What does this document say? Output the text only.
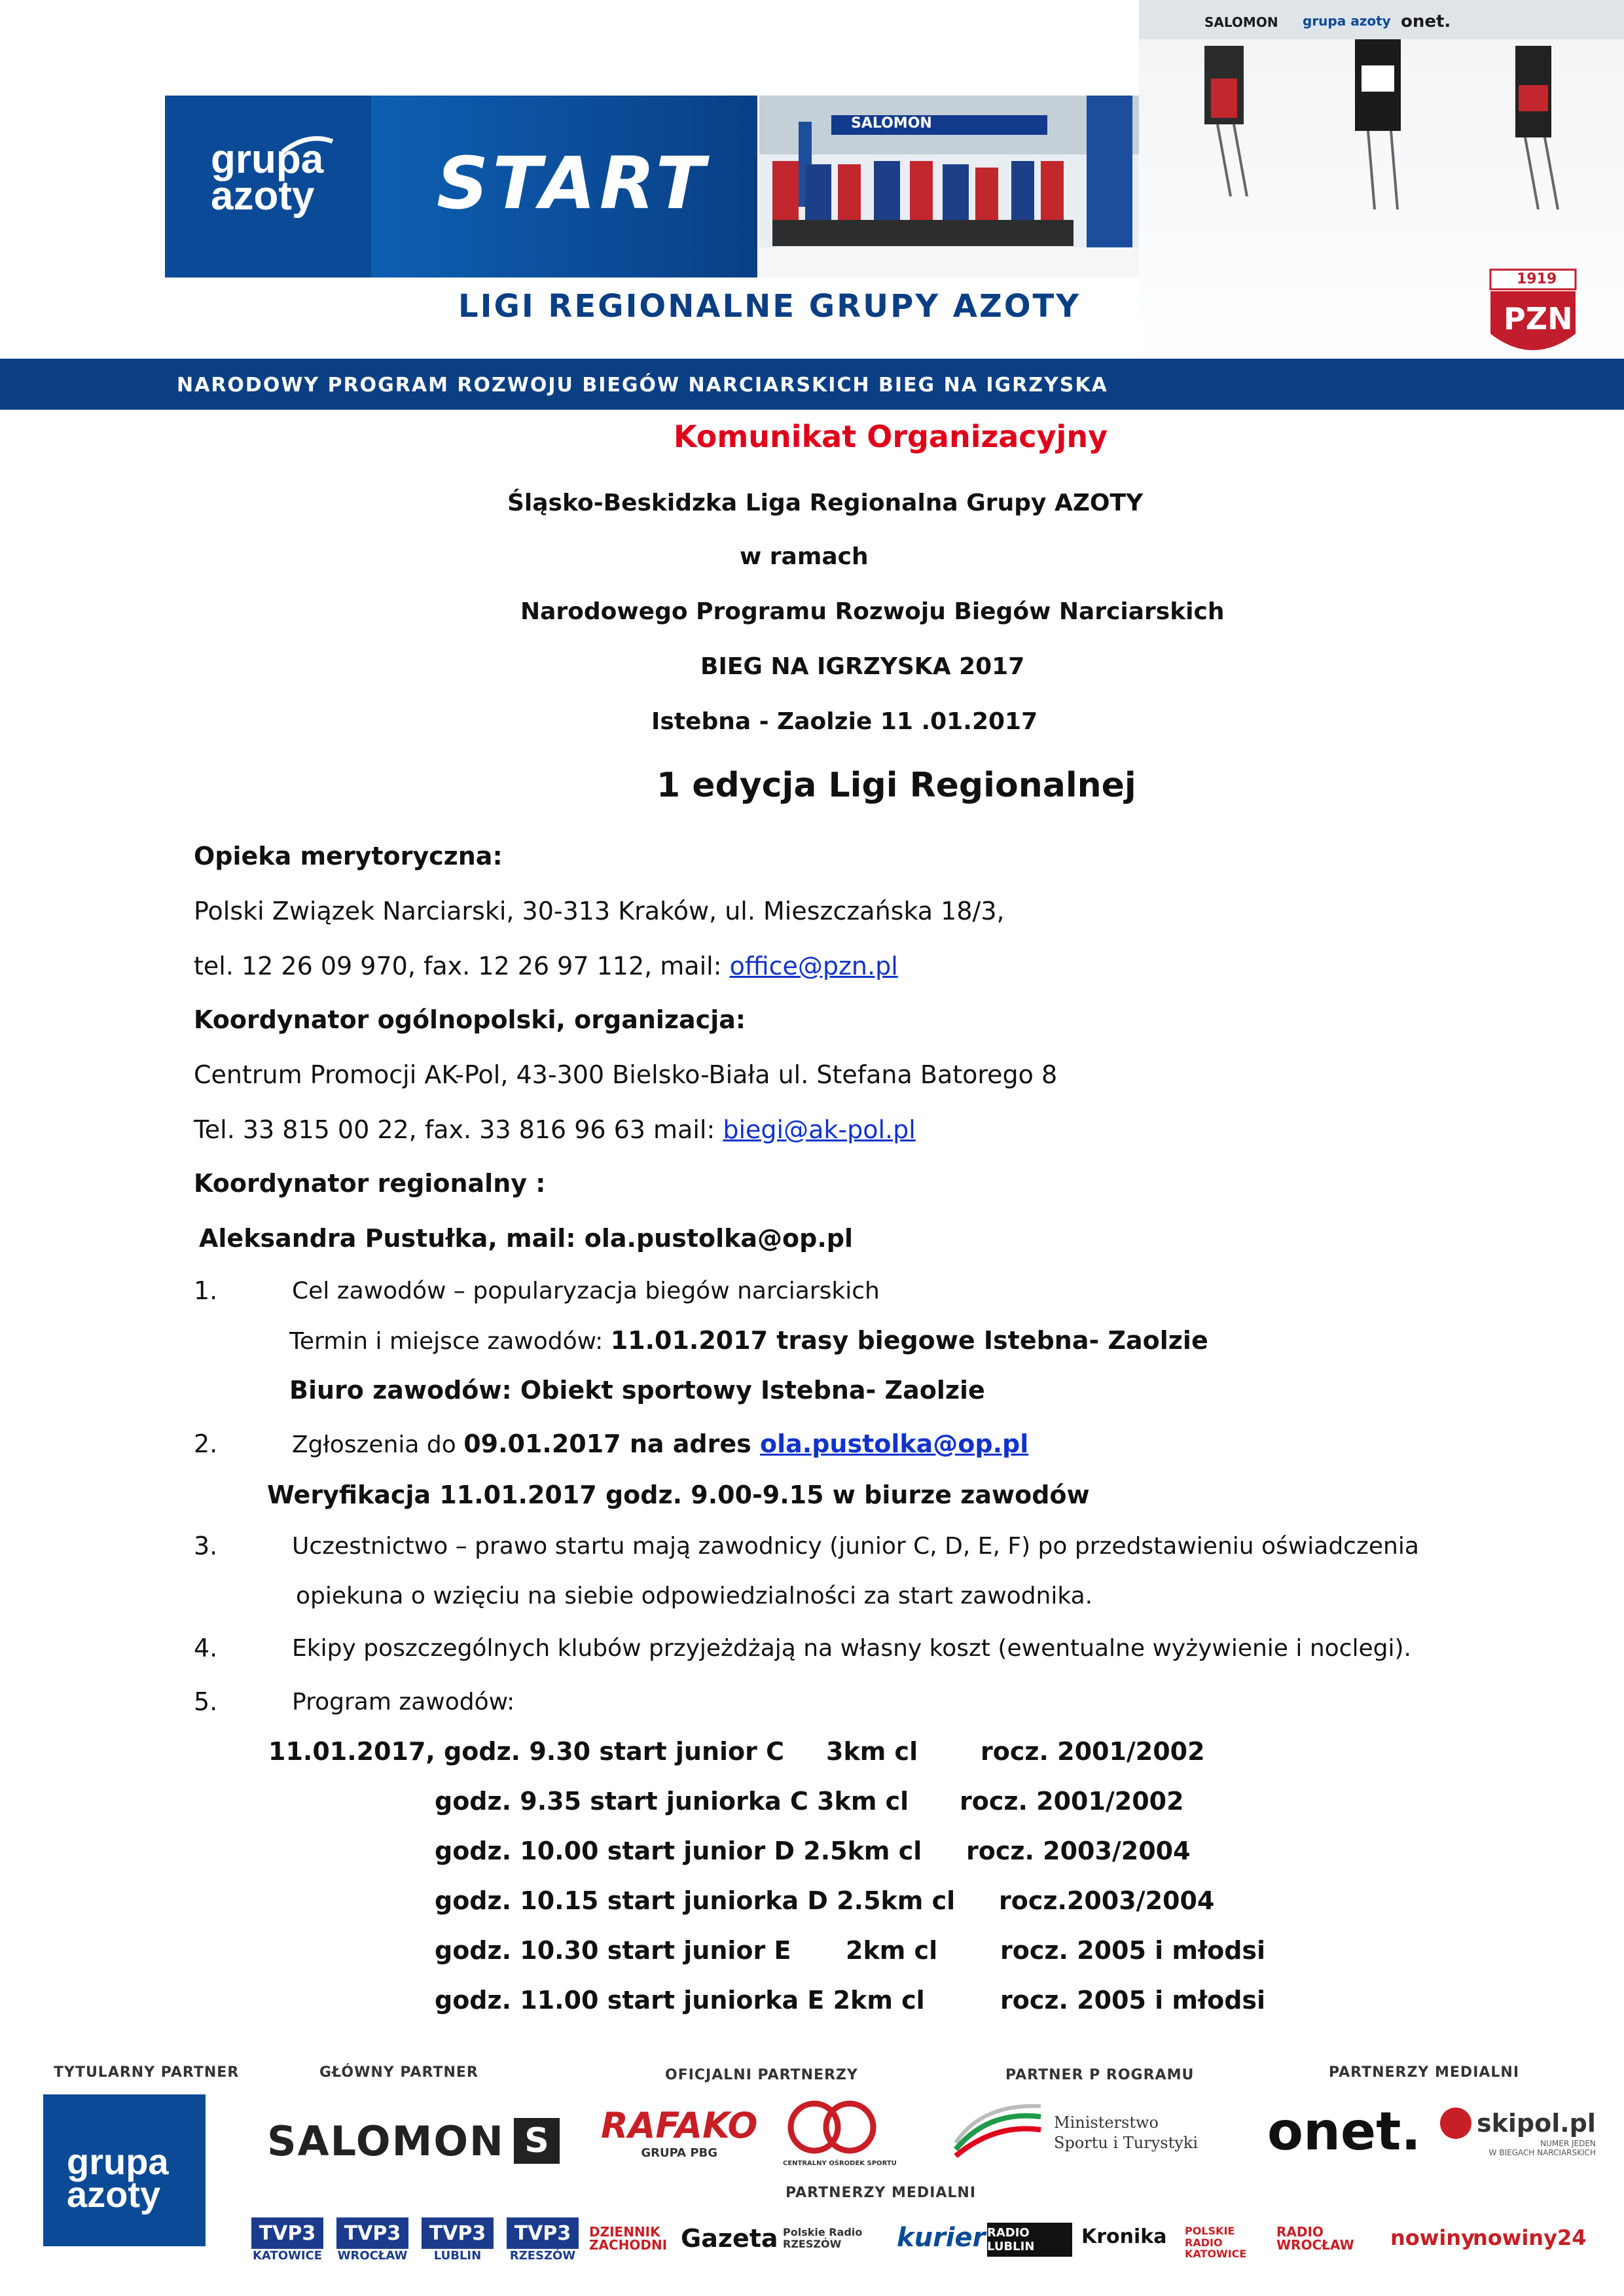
grupa
azoty START
SALOMON
SALOMON grupa azoty onet.
1919
PZN
LIGI REGIONALNE GRUPY AZOTY
NARODOWY PROGRAM ROZWOJU BIEGÓW NARCIARSKICH BIEG NA IGRZYSKA
Komunikat Organizacyjny
Śląsko-Beskidzka Liga Regionalna Grupy AZOTY
w ramach
Narodowego Programu Rozwoju Biegów Narciarskich
BIEG NA IGRZYSKA 2017
Istebna - Zaolzie 11 .01.2017
1 edycja Ligi Regionalnej
Opieka merytoryczna:
Polski Związek Narciarski, 30-313 Kraków, ul. Mieszczańska 18/3,
tel. 12 26 09 970, fax. 12 26 97 112, mail: office@pzn.pl
Koordynator ogólnopolski, organizacja:
Centrum Promocji AK-Pol, 43-300 Bielsko-Biała ul. Stefana Batorego 8
Tel. 33 815 00 22, fax. 33 816 96 63 mail: biegi@ak-pol.pl
Koordynator regionalny :
Aleksandra Pustułka, mail: ola.pustolka@op.pl
1.	Cel zawodów – popularyzacja biegów narciarskich
Termin i miejsce zawodów: 11.01.2017 trasy biegowe Istebna- Zaolzie
Biuro zawodów: Obiekt sportowy Istebna- Zaolzie
2.	Zgłoszenia do 09.01.2017 na adres ola.pustolka@op.pl
Weryfikacja 11.01.2017 godz. 9.00-9.15 w biurze zawodów
3.	Uczestnictwo – prawo startu mają zawodnicy (junior C, D, E, F) po przedstawieniu oświadczenia
opiekuna o wzięciu na siebie odpowiedzialności za start zawodnika.
4.	Ekipy poszczególnych klubów przyjeżdżają na własny koszt (ewentualne wyżywienie i noclegi).
5.	Program zawodów:
11.01.2017, godz. 9.30 start junior C 3km cl	rocz. 2001/2002
godz. 9.35 start juniorka C 3km cl rocz. 2001/2002
godz. 10.00 start junior D 2.5km cl rocz. 2003/2004
godz. 10.15 start juniorka D 2.5km cl rocz.2003/2004
godz. 10.30 start junior E 2km cl	rocz. 2005 i młodsi
godz. 11.00 start juniorka E 2km cl	rocz. 2005 i młodsi
TYTULARNY PARTNER	GŁÓWNY PARTNER	OFICJALNI PARTNERZY	PARTNER P ROGRAMU	PARTNERZY MEDIALNI
grupa
azoty
SALOMON S	RAFAKO
GRUPA PBG
CENTRALNY OŚRODEK SPORTU
Ministerstwo
Sportu i Turystyki onet. skipol.pl
NUMER JEDEN
W BIEGACH NARCIARSKICH
PARTNERZY MEDIALNI
TVP3
KATOWICE
TVP3
WROCŁAW
TVP3
LUBLIN
TVP3
RZESZÓW
DZIENNIK ZACHODNI Gazeta Polskie Radio RZESZÓW	kurier RADIO LUBLIN	Kronika POLSKIE RADIO KATOWICE
RADIO WROCŁAW nowiny
nowiny24
